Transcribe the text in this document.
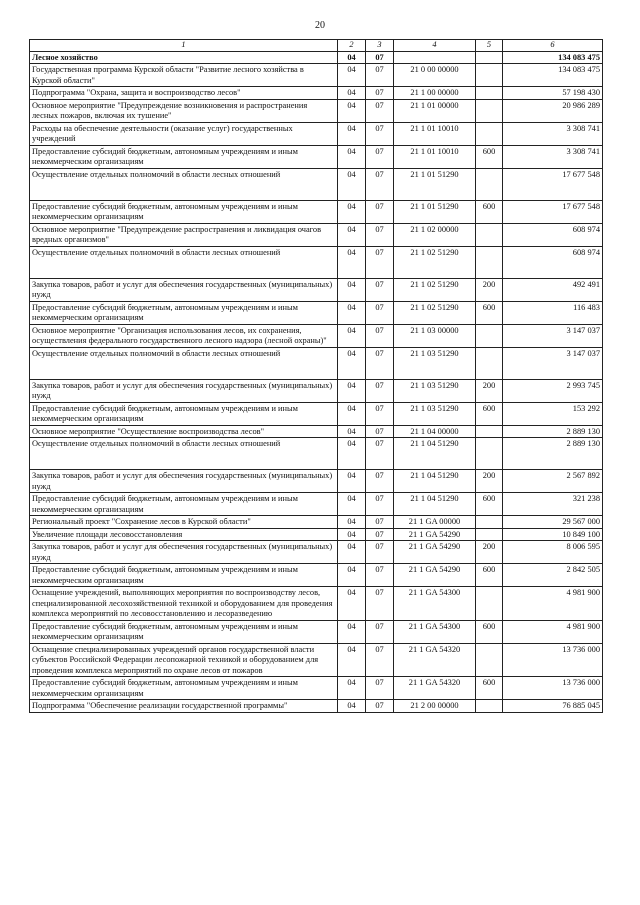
20
1	2	3	4	5	6
Лесное хозяйство	04	07			134 083 475
Государственная программа Курской области "Развитие лесного хозяйства в Курской области"	04	07	21 0 00 00000		134 083 475
Подпрограмма "Охрана, защита и воспроизводство лесов"	04	07	21 1 00 00000		57 198 430
Основное мероприятие "Предупреждение возникновения и распространения лесных пожаров, включая их тушение"	04	07	21 1 01 00000		20 986 289
Расходы на обеспечение деятельности (оказание услуг) государственных учреждений	04	07	21 1 01 10010		3 308 741
Предоставление субсидий бюджетным, автономным учреждениям и иным некоммерческим организациям	04	07	21 1 01 10010	600	3 308 741
Осуществление отдельных полномочий в области лесных отношений	04	07	21 1 01 51290		17 677 548
Предоставление субсидий бюджетным, автономным учреждениям и иным некоммерческим организациям	04	07	21 1 01 51290	600	17 677 548
Основное мероприятие "Предупреждение распространения и ликвидация очагов вредных организмов"	04	07	21 1 02 00000		608 974
Осуществление отдельных полномочий в области лесных отношений	04	07	21 1 02 51290		608 974
Закупка товаров, работ и услуг для обеспечения государственных (муниципальных) нужд	04	07	21 1 02 51290	200	492 491
Предоставление субсидий бюджетным, автономным учреждениям и иным некоммерческим организациям	04	07	21 1 02 51290	600	116 483
Основное мероприятие "Организация использования лесов, их сохранения, осуществления федерального государственного лесного надзора (лесной охраны)"	04	07	21 1 03 00000		3 147 037
Осуществление отдельных полномочий в области лесных отношений	04	07	21 1 03 51290		3 147 037
Закупка товаров, работ и услуг для обеспечения государственных (муниципальных) нужд	04	07	21 1 03 51290	200	2 993 745
Предоставление субсидий бюджетным, автономным учреждениям и иным некоммерческим организациям	04	07	21 1 03 51290	600	153 292
Основное мероприятие "Осуществление воспроизводства лесов"	04	07	21 1 04 00000		2 889 130
Осуществление отдельных полномочий в области лесных отношений	04	07	21 1 04 51290		2 889 130
Закупка товаров, работ и услуг для обеспечения государственных (муниципальных) нужд	04	07	21 1 04 51290	200	2 567 892
Предоставление субсидий бюджетным, автономным учреждениям и иным некоммерческим организациям	04	07	21 1 04 51290	600	321 238
Региональный проект "Сохранение лесов в Курской области"	04	07	21 1 GA 00000		29 567 000
Увеличение площади лесовосстановления	04	07	21 1 GA 54290		10 849 100
Закупка товаров, работ и услуг для обеспечения государственных (муниципальных) нужд	04	07	21 1 GA 54290	200	8 006 595
Предоставление субсидий бюджетным, автономным учреждениям и иным некоммерческим организациям	04	07	21 1 GA 54290	600	2 842 505
Оснащение учреждений, выполняющих мероприятия по воспроизводству лесов, специализированной лесохозяйственной техникой и оборудованием для проведения комплекса мероприятий по лесовосстановлению и лесоразведению	04	07	21 1 GA 54300		4 981 900
Предоставление субсидий бюджетным, автономным учреждениям и иным некоммерческим организациям	04	07	21 1 GA 54300	600	4 981 900
Оснащение специализированных учреждений органов государственной власти субъектов Российской Федерации лесопожарной техникой и оборудованием для проведения комплекса мероприятий по охране лесов от пожаров	04	07	21 1 GA 54320		13 736 000
Предоставление субсидий бюджетным, автономным учреждениям и иным некоммерческим организациям	04	07	21 1 GA 54320	600	13 736 000
Подпрограмма "Обеспечение реализации государственной программы"	04	07	21 2 00 00000		76 885 045
